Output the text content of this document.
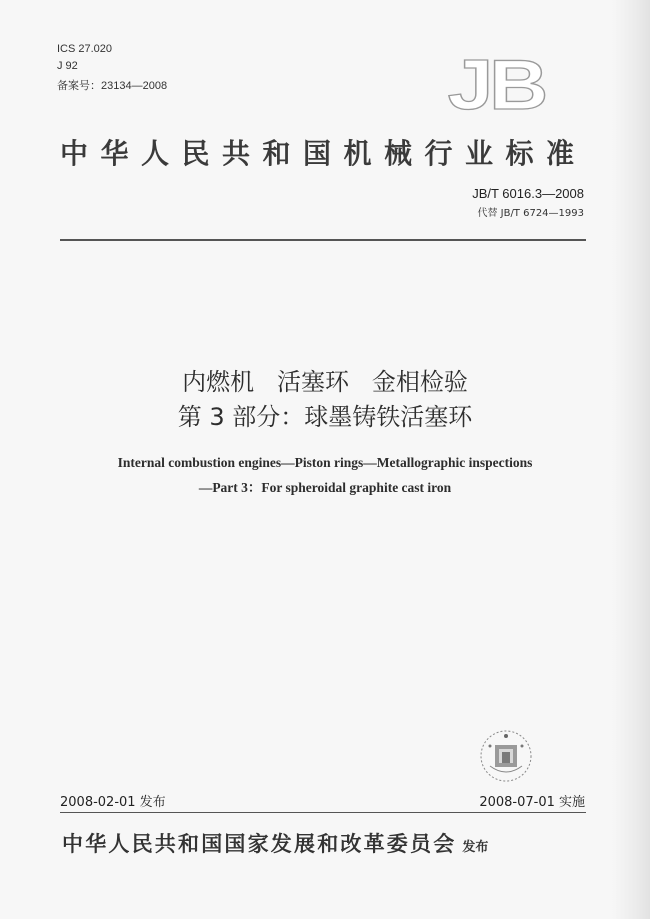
ICS 27.020
J 92
备案号：23134—2008	JB
中华人民共和国机械行业标准
JB/T 6016.3—2008
代替 JB/T 6724—1993
内燃机   活塞环   金相检验
第 3 部分：球墨铸铁活塞环
Internal combustion engines—Piston rings—Metallographic inspections
—Part 3：For spheroidal graphite cast iron
2008-02-01 发布	2008-07-01 实施
中华人民共和国国家发展和改革委员会 发布
